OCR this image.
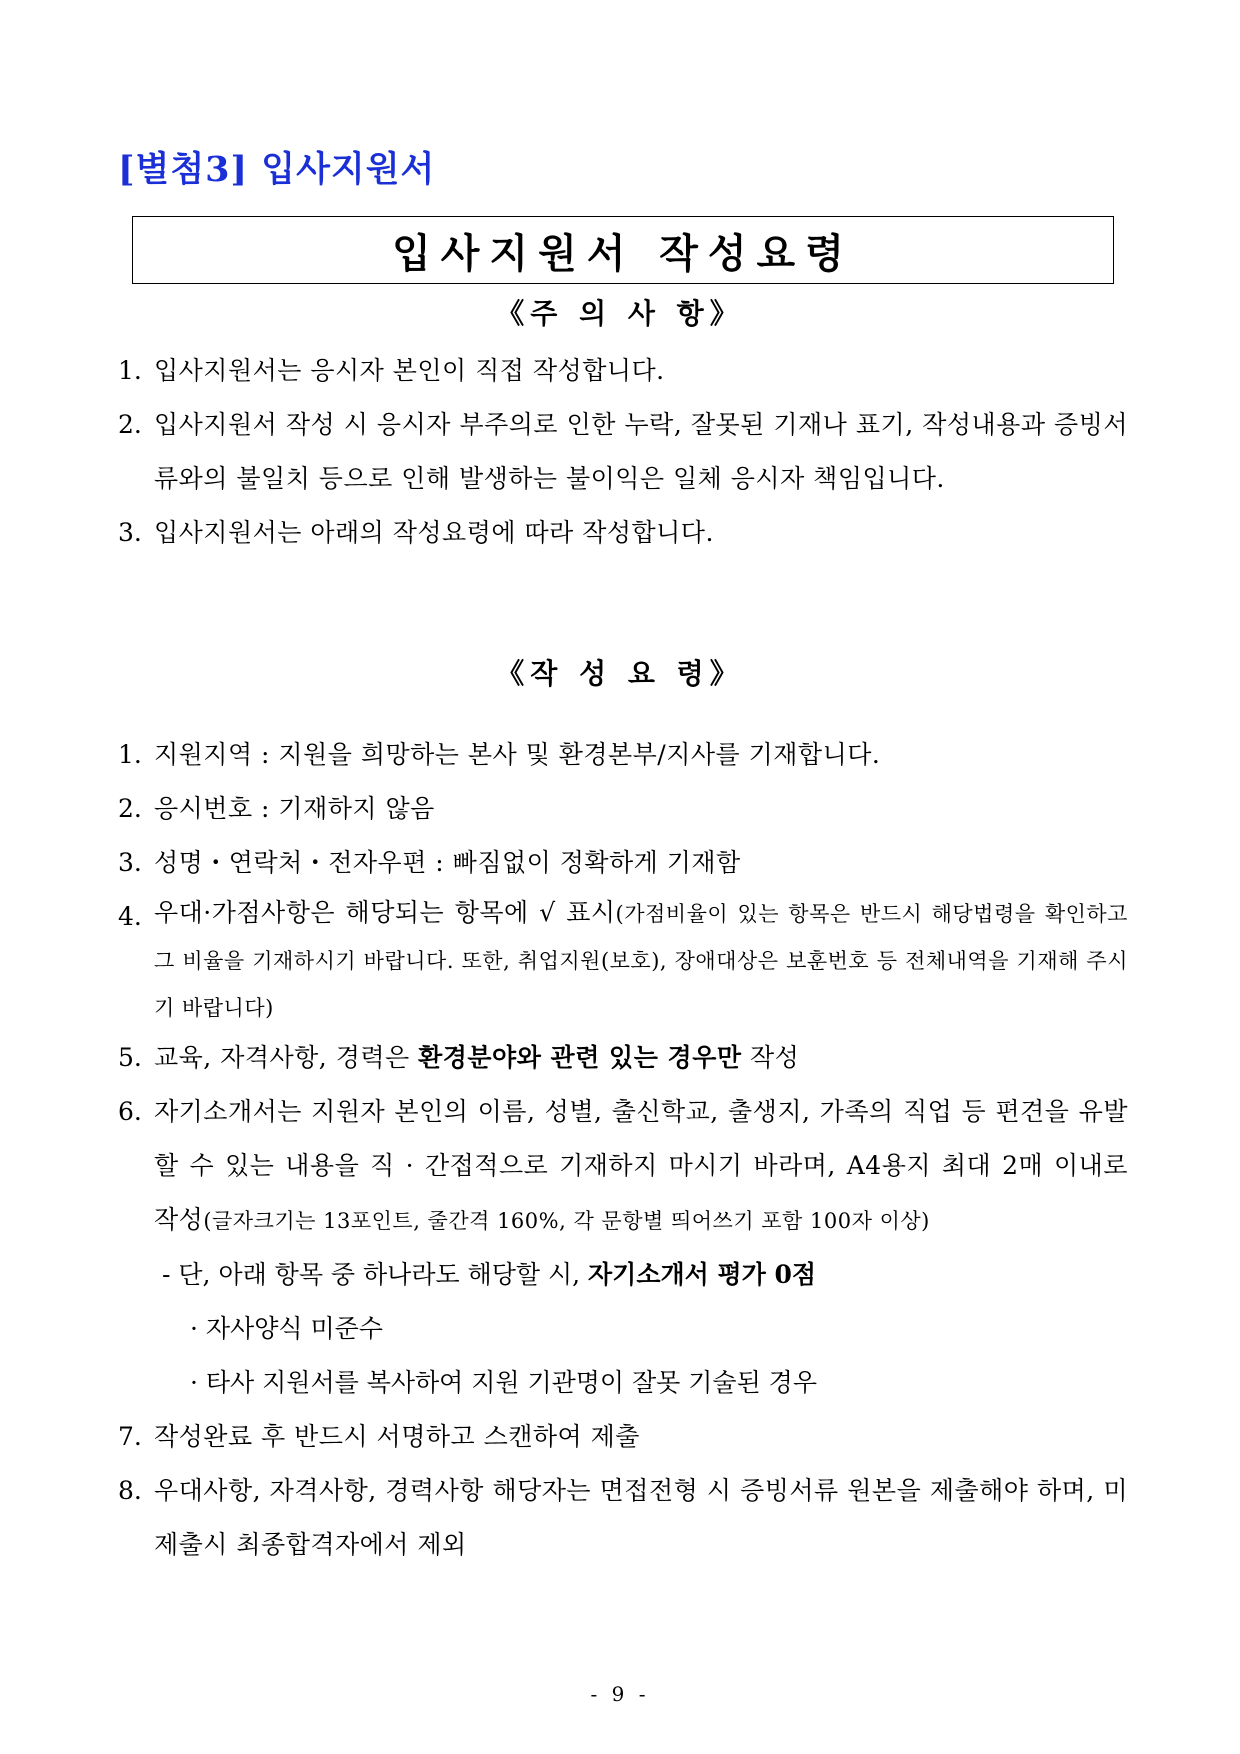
[별첨3] 입사지원서
입사지원서 작성요령
《주 의 사 항》
1. 입사지원서는 응시자 본인이 직접 작성합니다.
2. 입사지원서 작성 시 응시자 부주의로 인한 누락, 잘못된 기재나 표기, 작성내용과 증빙서류와의 불일치 등으로 인해 발생하는 불이익은 일체 응시자 책임입니다.
3. 입사지원서는 아래의 작성요령에 따라 작성합니다.
《작 성 요 령》
1. 지원지역 : 지원을 희망하는 본사 및 환경본부/지사를 기재합니다.
2. 응시번호 : 기재하지 않음
3. 성명・연락처・전자우편 : 빠짐없이 정확하게 기재함
4. 우대·가점사항은 해당되는 항목에 √ 표시(가점비율이 있는 항목은 반드시 해당법령을 확인하고 그 비율을 기재하시기 바랍니다. 또한, 취업지원(보호), 장애대상은 보훈번호 등 전체내역을 기재해 주시기 바랍니다)
5. 교육, 자격사항, 경력은 환경분야와 관련 있는 경우만 작성
6. 자기소개서는 지원자 본인의 이름, 성별, 출신학교, 출생지, 가족의 직업 등 편견을 유발할 수 있는 내용을 직 · 간접적으로 기재하지 마시기 바라며, A4용지 최대 2매 이내로 작성(글자크기는 13포인트, 줄간격 160%, 각 문항별 띄어쓰기 포함 100자 이상)
- 단, 아래 항목 중 하나라도 해당할 시, 자기소개서 평가 0점
· 자사양식 미준수
· 타사 지원서를 복사하여 지원 기관명이 잘못 기술된 경우
7. 작성완료 후 반드시 서명하고 스캔하여 제출
8. 우대사항, 자격사항, 경력사항 해당자는 면접전형 시 증빙서류 원본을 제출해야 하며, 미제출시 최종합격자에서 제외
- 9 -
